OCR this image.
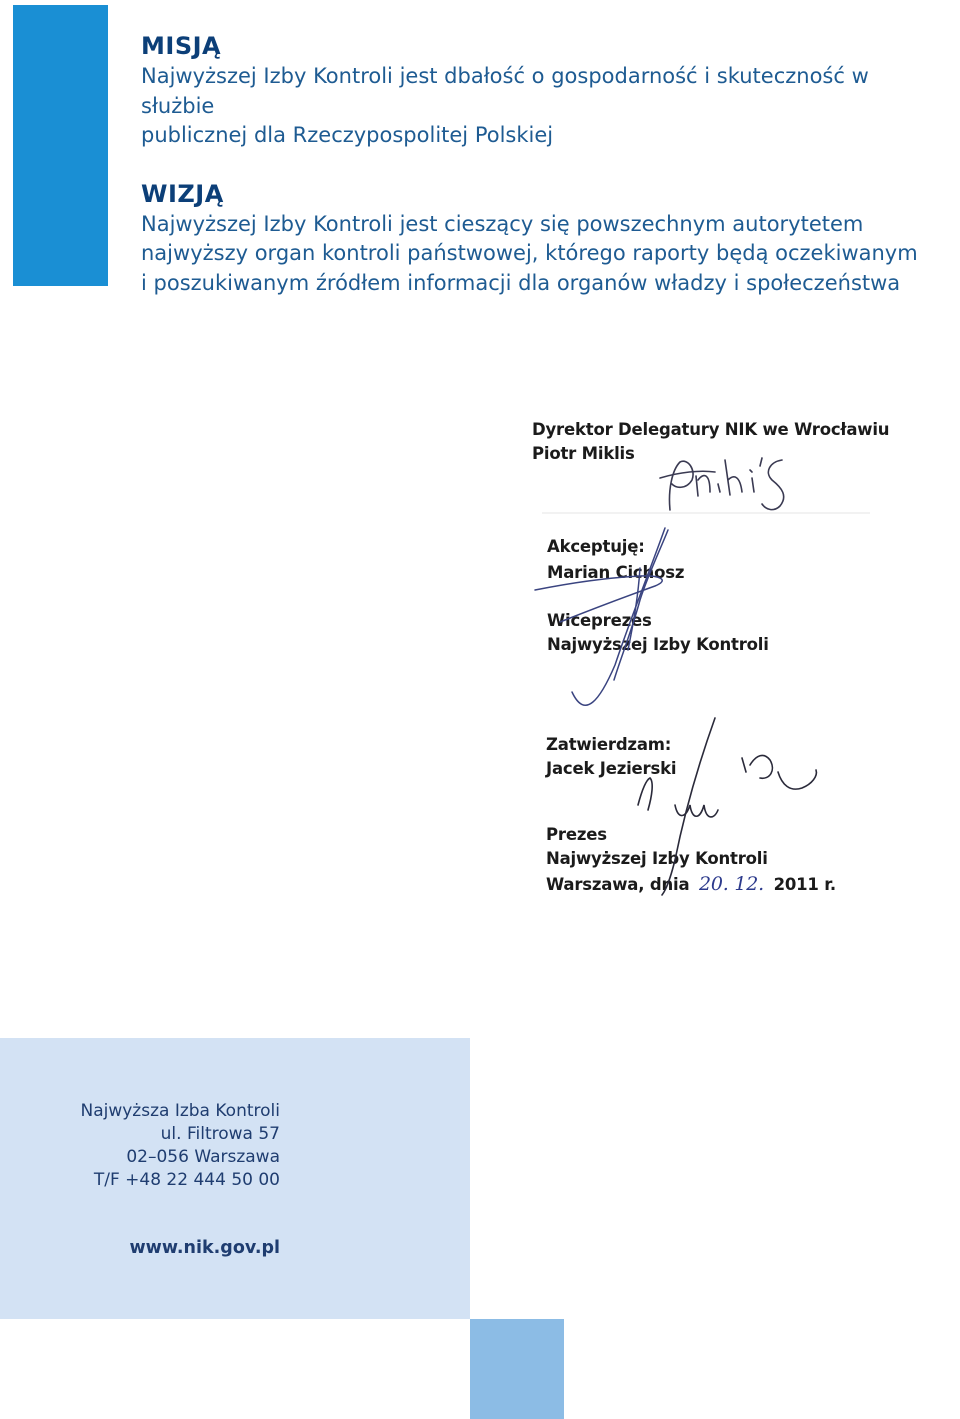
MISJĄ

Najwyższej Izby Kontroli jest dbałość o gospodarność i skuteczność w służbie

publicznej dla Rzeczypospolitej Polskiej

WIZJĄ

Najwyższej Izby Kontroli jest cieszący się powszechnym autorytetem

najwyższy organ kontroli państwowej, którego raporty będą oczekiwanym

i poszukiwanym źródłem informacji dla organów władzy i społeczeństwa

Dyrektor Delegatury NIK we Wrocławiu
Piotr Miklis
Akceptuję:
Marian Cichosz
Wiceprezes
Najwyższej Izby Kontroli
Zatwierdzam:
Jacek Jezierski
Prezes
Najwyższej Izby Kontroli
Warszawa, dnia 20. 12. 2011 r.
Najwyższa Izba Kontroli
ul. Filtrowa 57
02–056 Warszawa
T/F +48 22 444 50 00
www.nik.gov.pl
